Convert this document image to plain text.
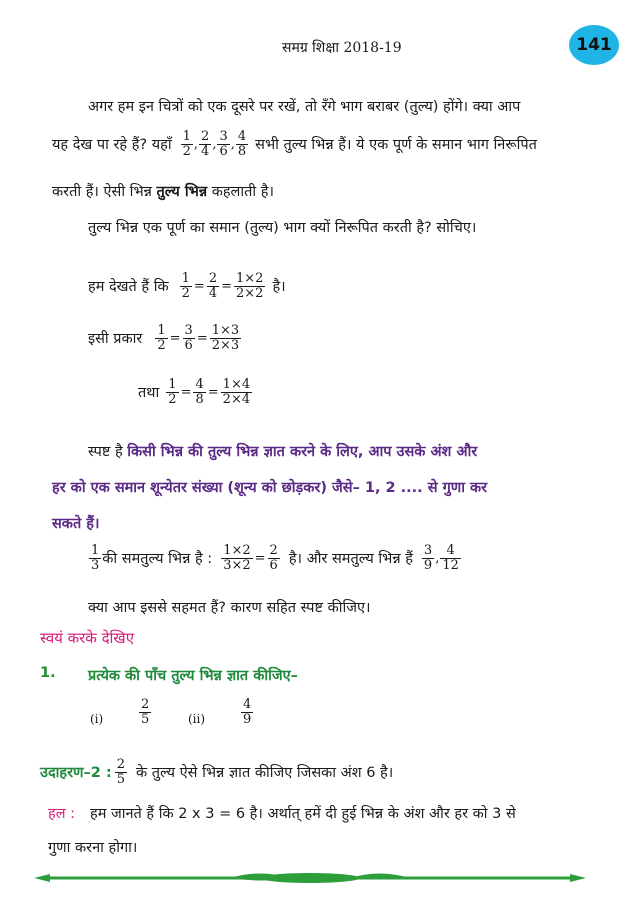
समग्र शिक्षा 2018-19	141
अगर हम इन चित्रों को एक दूसरे पर रखें, तो रँगे भाग बराबर (तुल्य) होंगे। क्या आप
यह देख पा रहे हैं? यहाँ $\frac{1}{2}$ , $\frac{2}{4}$ , $\frac{3}{6}$ , $\frac{4}{8}$ सभी तुल्य भिन्न हैं। ये एक पूर्ण के समान भाग निरूपित
करती हैं। ऐसी भिन्न तुल्य भिन्न कहलाती है।
तुल्य भिन्न एक पूर्ण का समान (तुल्य) भाग क्यों निरूपित करती है? सोचिए।
हम देखते हैं कि $\frac{1}{2} = \frac{2}{4} = \frac{1\times 2}{2\times 2}$ है।
इसी प्रकार $\frac{1}{2} = \frac{3}{6} = \frac{1\times 3}{2\times 3}$
तथा $\frac{1}{2} = \frac{4}{8} = \frac{1\times 4}{2\times 4}$
स्पष्ट है किसी भिन्न की तुल्य भिन्न ज्ञात करने के लिए, आप उसके अंश और
हर को एक समान शून्येतर संख्या (शून्य को छोड़कर) जैसे– 1, 2 .... से गुणा कर
सकते हैं।
$\frac{1}{3}$ की समतुल्य भिन्न है : $\frac{1\times 2}{3\times 2} = \frac{2}{6}$ है। और समतुल्य भिन्न हैं $\frac{3}{9}$ , $\frac{4}{12}$
क्या आप इससे सहमत हैं? कारण सहित स्पष्ट कीजिए।
स्वयं करके देखिए
1. प्रत्येक की पाँच तुल्य भिन्न ज्ञात कीजिए–
(i)	$\frac{2}{5}$	(ii)	$\frac{4}{9}$
उदाहरण–2 : $\frac{2}{5}$ के तुल्य ऐसे भिन्न ज्ञात कीजिए जिसका अंश 6 है।
हल : हम जानते हैं कि 2 x 3 = 6 है। अर्थात् हमें दी हुई भिन्न के अंश और हर को 3 से
गुणा करना होगा।
